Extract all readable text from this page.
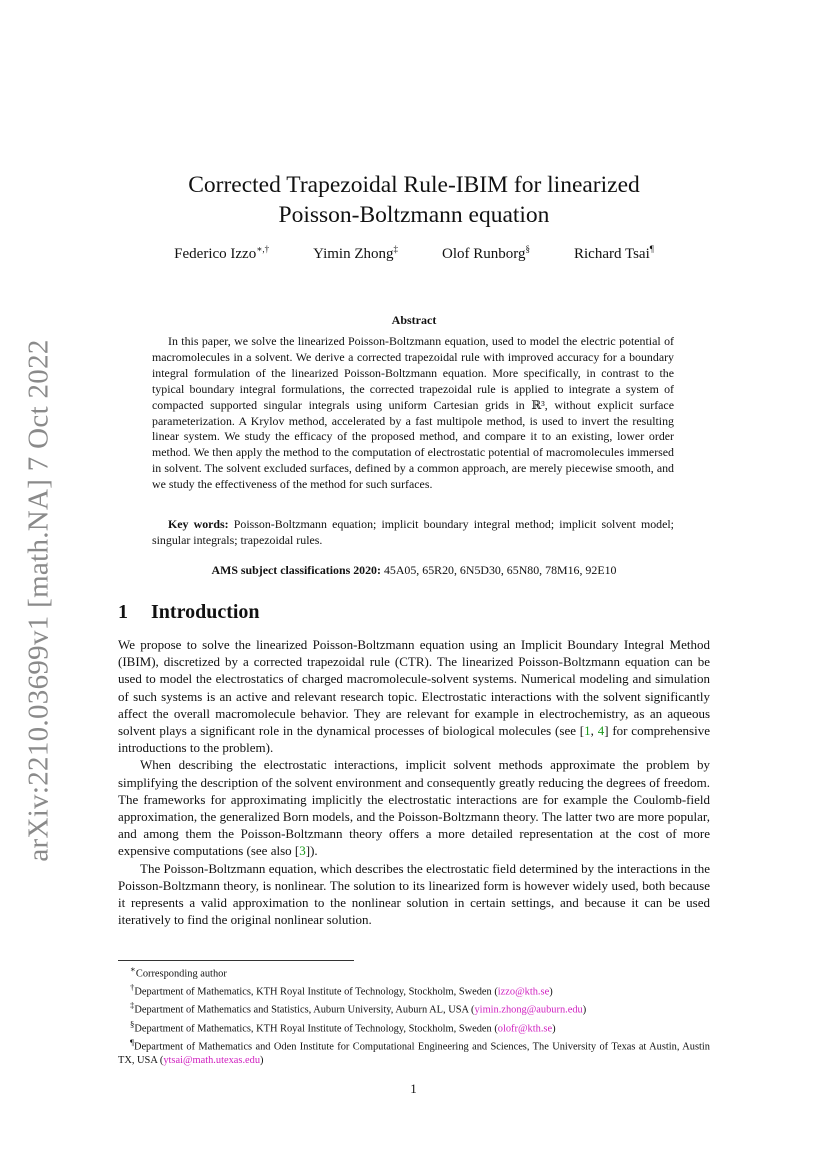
arXiv:2210.03699v1 [math.NA] 7 Oct 2022
Corrected Trapezoidal Rule-IBIM for linearized
Poisson-Boltzmann equation
Federico Izzo∗,†	Yimin Zhong‡	Olof Runborg§	Richard Tsai¶
Abstract

In this paper, we solve the linearized Poisson-Boltzmann equation, used to model the electric potential of macromolecules in a solvent. We derive a corrected trapezoidal rule with improved accuracy for a boundary integral formulation of the linearized Poisson-Boltzmann equation. More specifically, in contrast to the typical boundary integral formulations, the corrected trapezoidal rule is applied to integrate a system of compacted supported singular integrals using uniform Cartesian grids in ℝ³, without explicit surface parameterization. A Krylov method, accelerated by a fast multipole method, is used to invert the resulting linear system. We study the efficacy of the proposed method, and compare it to an existing, lower order method. We then apply the method to the computation of electrostatic potential of macromolecules immersed in solvent. The solvent excluded surfaces, defined by a common approach, are merely piecewise smooth, and we study the effectiveness of the method for such surfaces.

Key words: Poisson-Boltzmann equation; implicit boundary integral method; implicit solvent model; singular integrals; trapezoidal rules.
AMS subject classifications 2020: 45A05, 65R20, 6N5D30, 65N80, 78M16, 92E10
1 Introduction

We propose to solve the linearized Poisson-Boltzmann equation using an Implicit Boundary Integral Method (IBIM), discretized by a corrected trapezoidal rule (CTR). The linearized Poisson-Boltzmann equation can be used to model the electrostatics of charged macromolecule-solvent systems. Numerical modeling and simulation of such systems is an active and relevant research topic. Electrostatic interactions with the solvent significantly affect the overall macromolecule behavior. They are relevant for example in electrochemistry, as an aqueous solvent plays a significant role in the dynamical processes of biological molecules (see [1, 4] for comprehensive introductions to the problem).

When describing the electrostatic interactions, implicit solvent methods approximate the problem by simplifying the description of the solvent environment and consequently greatly reducing the degrees of freedom. The frameworks for approximating implicitly the electrostatic interactions are for example the Coulomb-field approximation, the generalized Born models, and the Poisson-Boltzmann theory. The latter two are more popular, and among them the Poisson-Boltzmann theory offers a more detailed representation at the cost of more expensive computations (see also [3]).

The Poisson-Boltzmann equation, which describes the electrostatic field determined by the interactions in the Poisson-Boltzmann theory, is nonlinear. The solution to its linearized form is however widely used, both because it represents a valid approximation to the nonlinear solution in certain settings, and because it can be used iteratively to find the original nonlinear solution.

∗Corresponding author
†Department of Mathematics, KTH Royal Institute of Technology, Stockholm, Sweden (izzo@kth.se)
‡Department of Mathematics and Statistics, Auburn University, Auburn AL, USA (yimin.zhong@auburn.edu)
§Department of Mathematics, KTH Royal Institute of Technology, Stockholm, Sweden (olofr@kth.se)
¶Department of Mathematics and Oden Institute for Computational Engineering and Sciences, The University of Texas at Austin, Austin TX, USA (ytsai@math.utexas.edu)
1
